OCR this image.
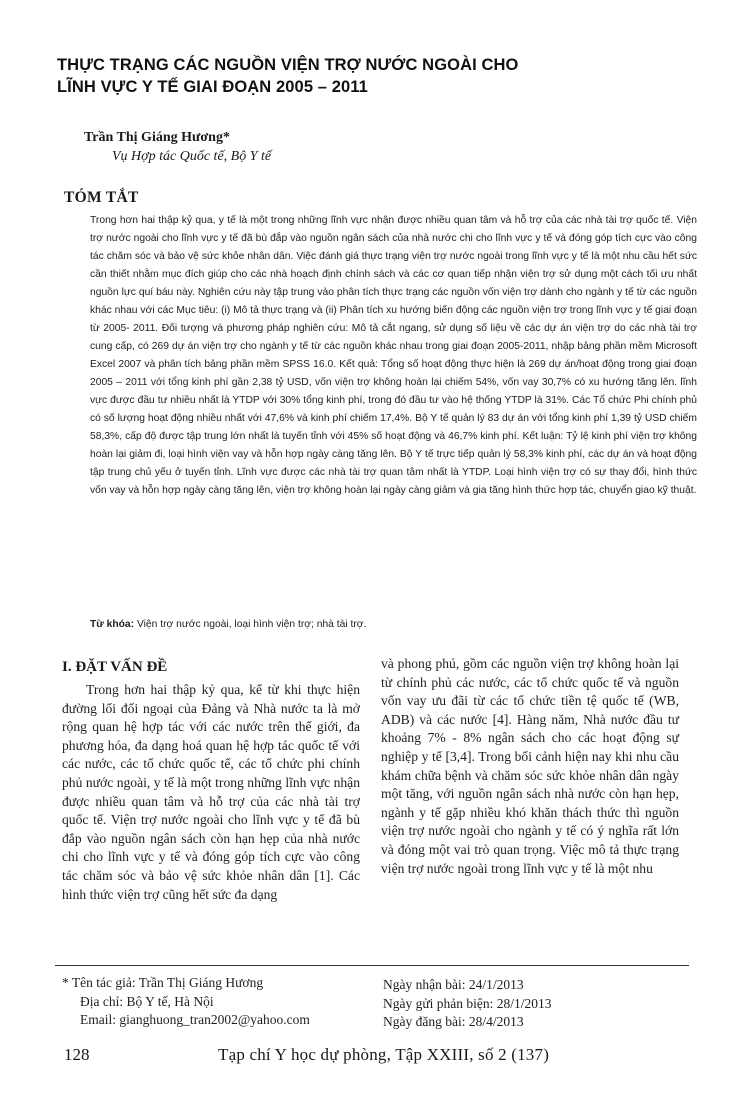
THỰC TRẠNG CÁC NGUỒN VIỆN TRỢ NƯỚC NGOÀI CHO
LĨNH VỰC Y TẾ GIAI ĐOẠN 2005 – 2011
Trần Thị Giáng Hương*
Vụ Hợp tác Quốc tế, Bộ Y tế
TÓM TẮT

Trong hơn hai thập kỷ qua, y tế là một trong những lĩnh vực nhận được nhiều quan tâm và hỗ trợ của các nhà tài trợ quốc tế. Viện trợ nước ngoài cho lĩnh vực y tế đã bù đắp vào nguồn ngân sách của nhà nước chi cho lĩnh vực y tế và đóng góp tích cực vào công tác chăm sóc và bảo vệ sức khỏe nhân dân. Việc đánh giá thực trạng viện trợ nước ngoài trong lĩnh vực y tế là một nhu cầu hết sức cần thiết nhằm mục đích giúp cho các nhà hoạch định chính sách và các cơ quan tiếp nhận viện trợ sử dụng một cách tối ưu nhất nguồn lực quí báu này. Nghiên cứu này tập trung vào phân tích thực trạng các nguồn vốn viện trợ dành cho ngành y tế từ các nguồn khác nhau với các Mục tiêu: (i) Mô tả thực trạng và (ii) Phân tích xu hướng biến động các nguồn viện trợ trong lĩnh vực y tế giai đoạn từ 2005- 2011. Đối tượng và phương pháp nghiên cứu: Mô tả cắt ngang, sử dụng số liệu về các dự án viện trợ do các nhà tài trợ cung cấp, có 269 dự án viện trợ cho ngành y tế từ các nguồn khác nhau trong giai đoạn 2005-2011, nhập bảng phần mềm Microsoft Excel 2007 và phân tích bảng phần mềm SPSS 16.0. Kết quả: Tổng số hoạt động thực hiện là 269 dự án/hoạt động trong giai đoạn 2005 – 2011 với tổng kinh phí gần 2,38 tỷ USD, vốn viện trợ không hoàn lại chiếm 54%, vốn vay 30,7% có xu hướng tăng lên. lĩnh vực được đầu tư nhiều nhất là YTDP với 30% tổng kinh phí, trong đó đầu tư vào hệ thống YTDP là 31%. Các Tổ chức Phi chính phủ có số lượng hoạt động nhiều nhất với 47,6% và kinh phí chiếm 17,4%. Bộ Y tế quản lý 83 dự án với tổng kinh phí 1,39 tỷ USD chiếm 58,3%, cấp độ được tập trung lớn nhất là tuyến tỉnh với 45% số hoạt động và 46,7% kinh phí. Kết luận: Tỷ lệ kinh phí viện trợ không hoàn lại giảm đi, loại hình viện vay và hỗn hợp ngày càng tăng lên. Bộ Y tế trực tiếp quản lý 58,3% kinh phí, các dự án và hoạt động tập trung chủ yếu ở tuyến tỉnh. Lĩnh vực được các nhà tài trợ quan tâm nhất là YTDP. Loại hình viện trợ có sự thay đổi, hình thức vốn vay và hỗn hợp ngày càng tăng lên, viện trợ không hoàn lại ngày càng giảm và gia tăng hình thức hợp tác, chuyển giao kỹ thuật.

Từ khóa: Viện trợ nước ngoài, loại hình viện trợ; nhà tài trợ.

I. ĐẶT VẤN ĐỀ

Trong hơn hai thập kỷ qua, kể từ khi thực hiện đường lối đối ngoại của Đảng và Nhà nước ta là mở rộng quan hệ hợp tác với các nước trên thế giới, đa phương hóa, đa dạng hoá quan hệ hợp tác quốc tế với các nước, các tổ chức quốc tế, các tổ chức phi chính phủ nước ngoài, y tế là một trong những lĩnh vực nhận được nhiều quan tâm và hỗ trợ của các nhà tài trợ quốc tế. Viện trợ nước ngoài cho lĩnh vực y tế đã bù đắp vào nguồn ngân sách còn hạn hẹp của nhà nước chi cho lĩnh vực y tế và đóng góp tích cực vào công tác chăm sóc và bảo vệ sức khỏe nhân dân [1]. Các hình thức viện trợ cũng hết sức đa dạng

và phong phú, gồm các nguồn viện trợ không hoàn lại từ chính phủ các nước, các tổ chức quốc tế và nguồn vốn vay ưu đãi từ các tổ chức tiền tệ quốc tế (WB, ADB) và các nước [4]. Hàng năm, Nhà nước đầu tư khoảng 7% - 8% ngân sách cho các hoạt động sự nghiệp y tế [3,4]. Trong bối cảnh hiện nay khi nhu cầu khám chữa bệnh và chăm sóc sức khỏe nhân dân ngày một tăng, với nguồn ngân sách nhà nước còn hạn hẹp, ngành y tế gặp nhiều khó khăn thách thức thì nguồn viện trợ nước ngoài cho ngành y tế có ý nghĩa rất lớn và đóng một vai trò quan trọng. Việc mô tả thực trạng viện trợ nước ngoài trong lĩnh vực y tế là một nhu

* Tên tác giả: Trần Thị Giáng Hương
Địa chỉ: Bộ Y tế, Hà Nội
Email: gianghuong_tran2002@yahoo.com
Ngày nhận bài: 24/1/2013
Ngày gửi phản biện: 28/1/2013
Ngày đăng bài: 28/4/2013
128	Tạp chí Y học dự phòng, Tập XXIII, số 2 (137)
